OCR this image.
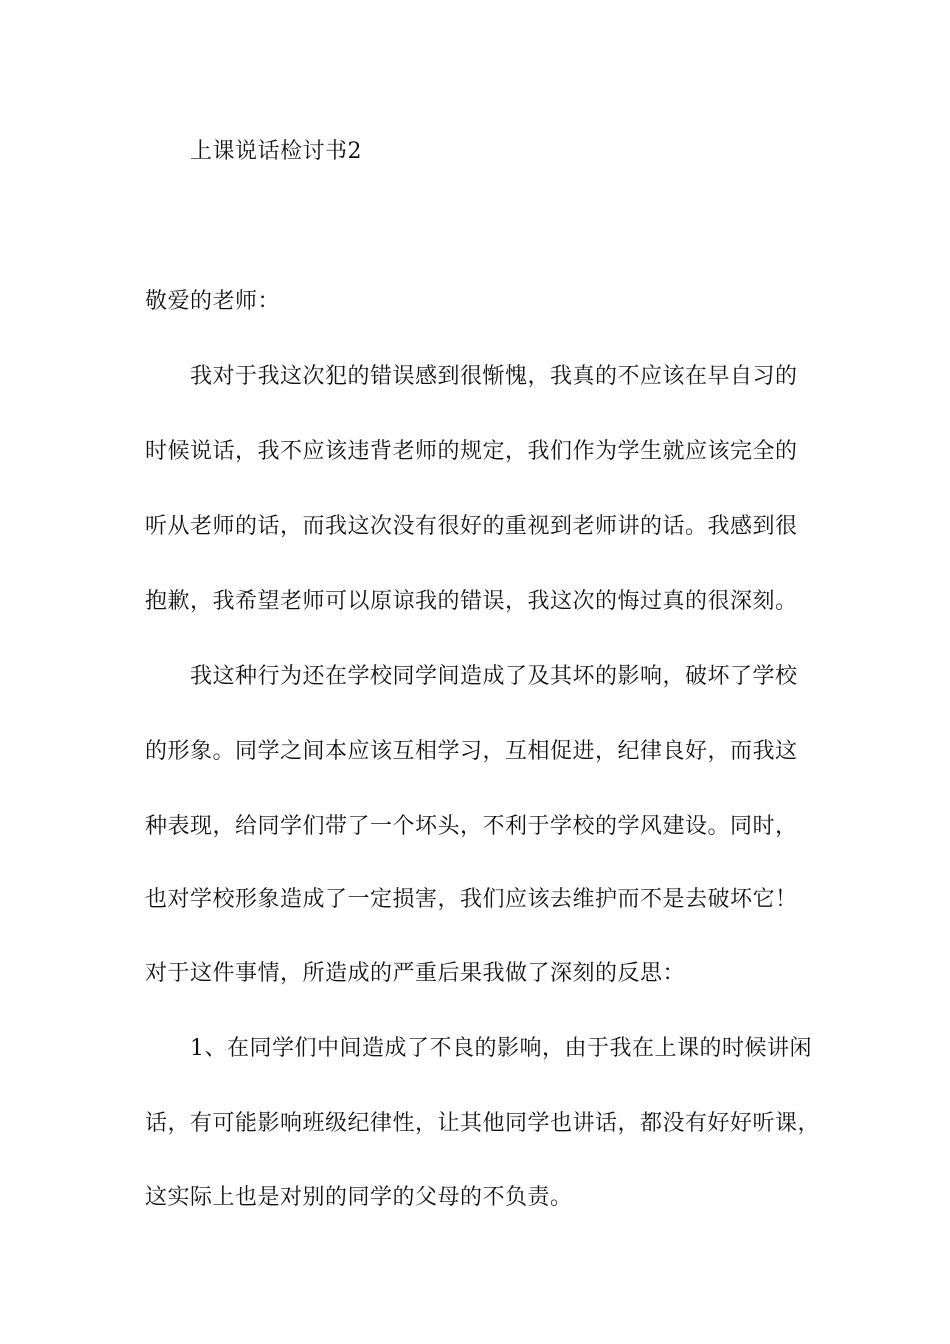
上课说话检讨书2
敬爱的老师：
我对于我这次犯的错误感到很惭愧，我真的不应该在早自习的
时候说话，我不应该违背老师的规定，我们作为学生就应该完全的
听从老师的话，而我这次没有很好的重视到老师讲的话。我感到很
抱歉，我希望老师可以原谅我的错误，我这次的悔过真的很深刻。
我这种行为还在学校同学间造成了及其坏的影响，破坏了学校
的形象。同学之间本应该互相学习，互相促进，纪律良好，而我这
种表现，给同学们带了一个坏头，不利于学校的学风建设。同时，
也对学校形象造成了一定损害，我们应该去维护而不是去破坏它！
对于这件事情，所造成的严重后果我做了深刻的反思：
1、在同学们中间造成了不良的影响，由于我在上课的时候讲闲
话，有可能影响班级纪律性，让其他同学也讲话，都没有好好听课，
这实际上也是对别的同学的父母的不负责。
